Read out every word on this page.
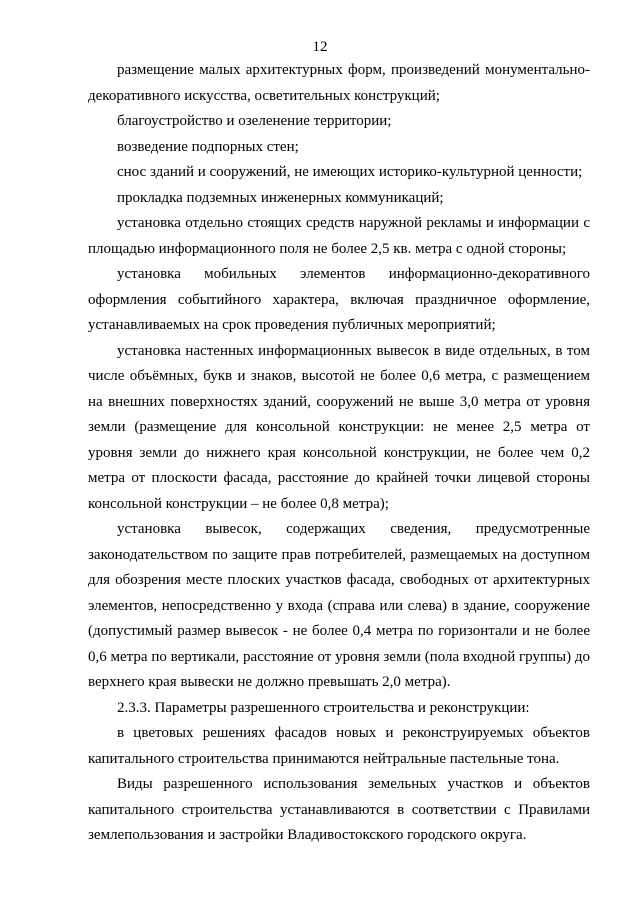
12

размещение малых архитектурных форм, произведений монументально-декоративного искусства, осветительных конструкций;

благоустройство и озеленение территории;

возведение подпорных стен;

снос зданий и сооружений, не имеющих историко-культурной ценности;

прокладка подземных инженерных коммуникаций;

установка отдельно стоящих средств наружной рекламы и информации с площадью информационного поля не более 2,5 кв. метра с одной стороны;

установка мобильных элементов информационно-декоративного оформления событийного характера, включая праздничное оформление, устанавливаемых на срок проведения публичных мероприятий;

установка настенных информационных вывесок в виде отдельных, в том числе объёмных, букв и знаков, высотой не более 0,6 метра, с размещением на внешних поверхностях зданий, сооружений не выше 3,0 метра от уровня земли (размещение для консольной конструкции: не менее 2,5 метра от уровня земли до нижнего края консольной конструкции, не более чем 0,2 метра от плоскости фасада, расстояние до крайней точки лицевой стороны консольной конструкции – не более 0,8 метра);

установка вывесок, содержащих сведения, предусмотренные законодательством по защите прав потребителей, размещаемых на доступном для обозрения месте плоских участков фасада, свободных от архитектурных элементов, непосредственно у входа (справа или слева) в здание, сооружение (допустимый размер вывесок - не более 0,4 метра по горизонтали и не более 0,6 метра по вертикали, расстояние от уровня земли (пола входной группы) до верхнего края вывески не должно превышать 2,0 метра).

2.3.3. Параметры разрешенного строительства и реконструкции:

в цветовых решениях фасадов новых и реконструируемых объектов капитального строительства принимаются нейтральные пастельные тона.

Виды разрешенного использования земельных участков и объектов капитального строительства устанавливаются в соответствии с Правилами землепользования и застройки Владивостокского городского округа.
